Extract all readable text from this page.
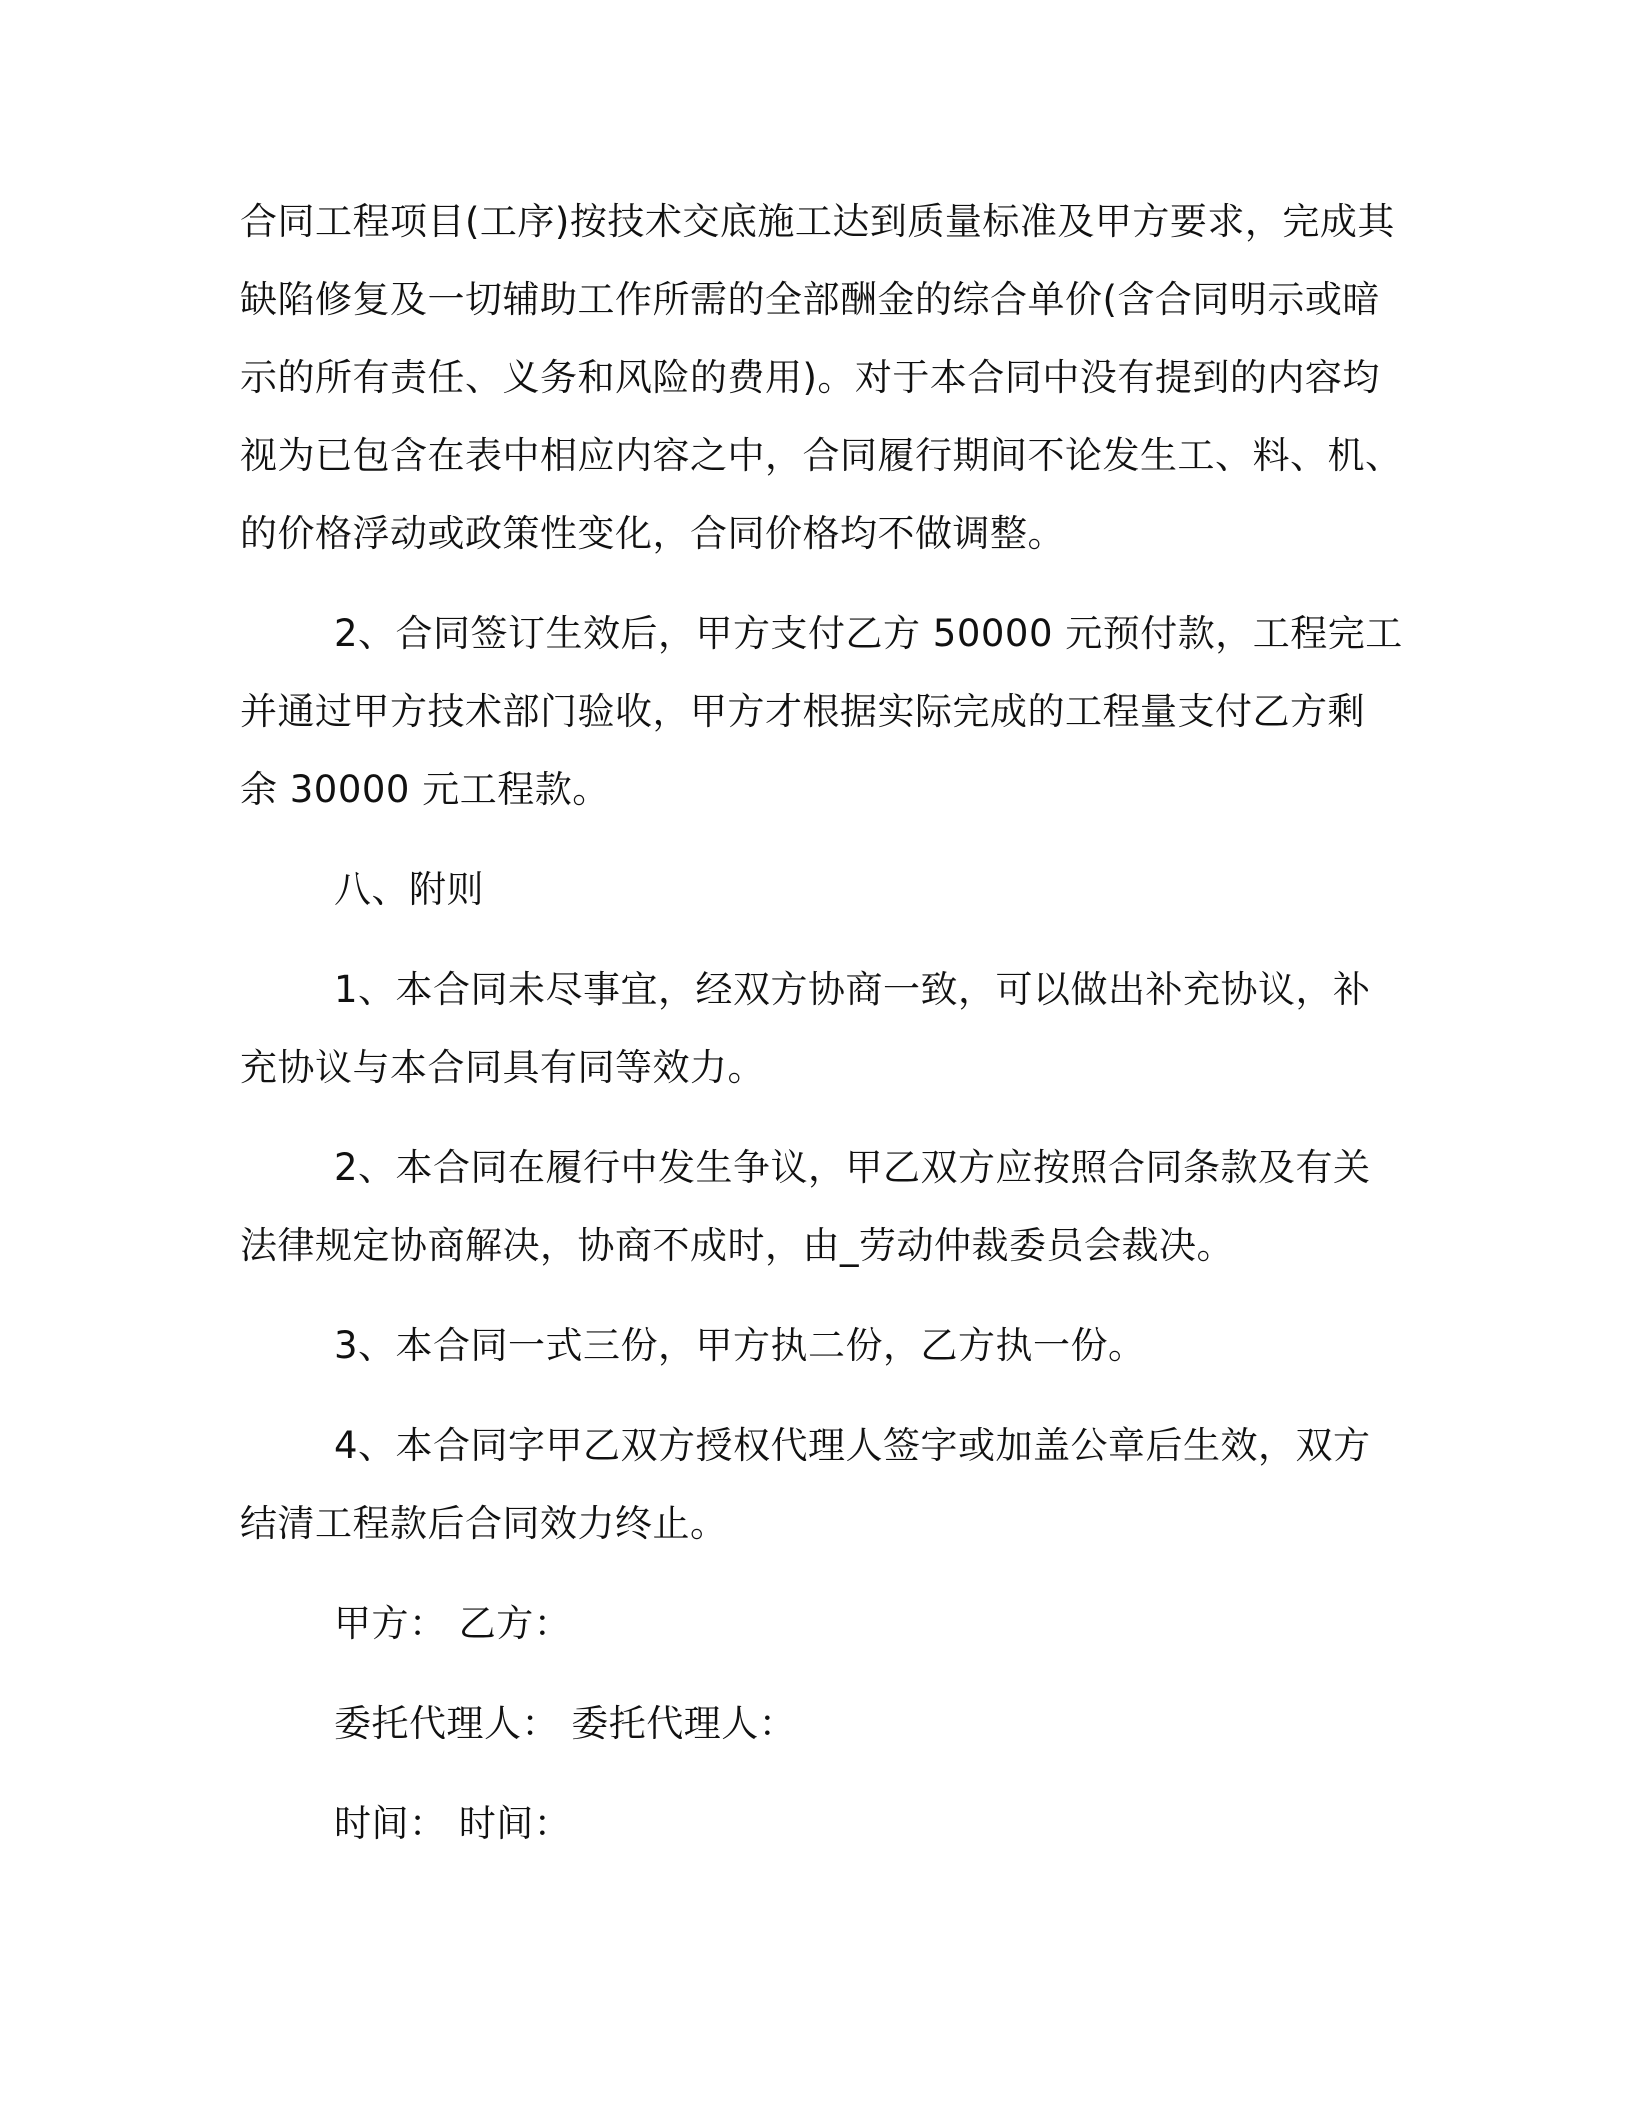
合同工程项目(工序)按技术交底施工达到质量标准及甲方要求，完成其
缺陷修复及一切辅助工作所需的全部酬金的综合单价(含合同明示或暗
示的所有责任、义务和风险的费用)。对于本合同中没有提到的内容均
视为已包含在表中相应内容之中，合同履行期间不论发生工、料、机、
的价格浮动或政策性变化，合同价格均不做调整。
2、合同签订生效后，甲方支付乙方 50000 元预付款，工程完工
并通过甲方技术部门验收，甲方才根据实际完成的工程量支付乙方剩
余 30000 元工程款。
八、附则
1、本合同未尽事宜，经双方协商一致，可以做出补充协议，补
充协议与本合同具有同等效力。
2、本合同在履行中发生争议，甲乙双方应按照合同条款及有关
法律规定协商解决，协商不成时，由_劳动仲裁委员会裁决。
3、本合同一式三份，甲方执二份，乙方执一份。
4、本合同字甲乙双方授权代理人签字或加盖公章后生效，双方
结清工程款后合同效力终止。
甲方： 乙方：
委托代理人： 委托代理人：
时间： 时间：
